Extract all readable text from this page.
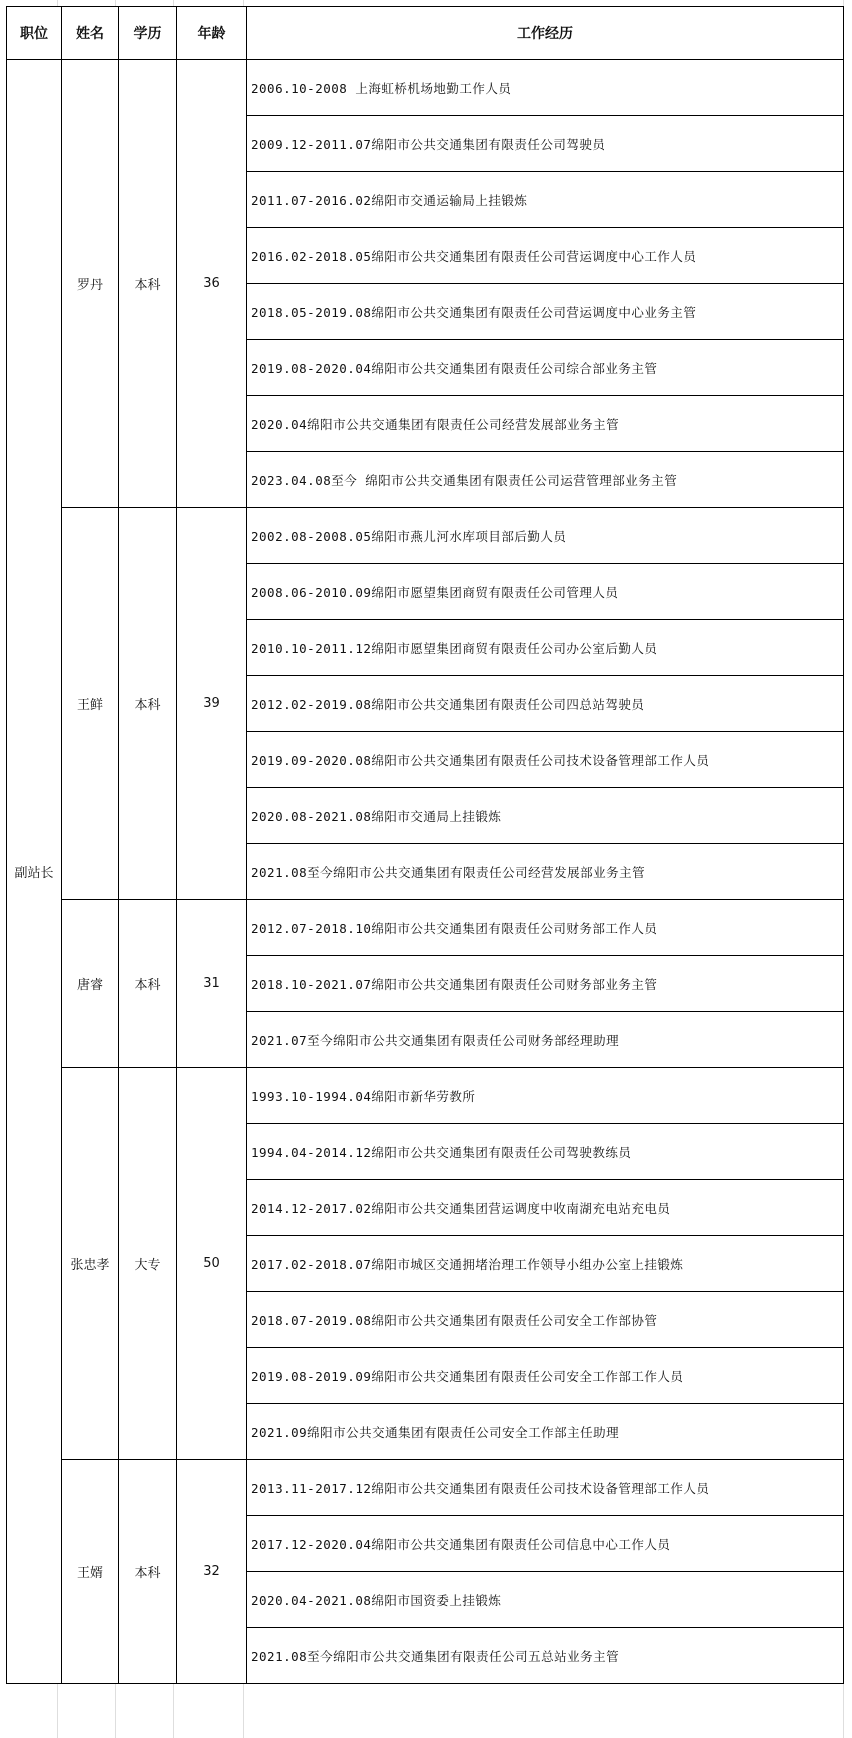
职位	姓名	学历	年龄	工作经历
副站长	罗丹	本科	36	2006.10-2008 上海虹桥机场地勤工作人员
				2009.12-2011.07绵阳市公共交通集团有限责任公司驾驶员
				2011.07-2016.02绵阳市交通运输局上挂锻炼
				2016.02-2018.05绵阳市公共交通集团有限责任公司营运调度中心工作人员
				2018.05-2019.08绵阳市公共交通集团有限责任公司营运调度中心业务主管
				2019.08-2020.04绵阳市公共交通集团有限责任公司综合部业务主管
				2020.04绵阳市公共交通集团有限责任公司经营发展部业务主管
				2023.04.08至今 绵阳市公共交通集团有限责任公司运营管理部业务主管
	王鲜	本科	39	2002.08-2008.05绵阳市燕儿河水库项目部后勤人员
				2008.06-2010.09绵阳市愿望集团商贸有限责任公司管理人员
				2010.10-2011.12绵阳市愿望集团商贸有限责任公司办公室后勤人员
				2012.02-2019.08绵阳市公共交通集团有限责任公司四总站驾驶员
				2019.09-2020.08绵阳市公共交通集团有限责任公司技术设备管理部工作人员
				2020.08-2021.08绵阳市交通局上挂锻炼
				2021.08至今绵阳市公共交通集团有限责任公司经营发展部业务主管
	唐睿	本科	31	2012.07-2018.10绵阳市公共交通集团有限责任公司财务部工作人员
				2018.10-2021.07绵阳市公共交通集团有限责任公司财务部业务主管
				2021.07至今绵阳市公共交通集团有限责任公司财务部经理助理
	张忠孝	大专	50	1993.10-1994.04绵阳市新华劳教所
				1994.04-2014.12绵阳市公共交通集团有限责任公司驾驶教练员
				2014.12-2017.02绵阳市公共交通集团营运调度中收南湖充电站充电员
				2017.02-2018.07绵阳市城区交通拥堵治理工作领导小组办公室上挂锻炼
				2018.07-2019.08绵阳市公共交通集团有限责任公司安全工作部协管
				2019.08-2019.09绵阳市公共交通集团有限责任公司安全工作部工作人员
				2021.09绵阳市公共交通集团有限责任公司安全工作部主任助理
	王婿	本科	32	2013.11-2017.12绵阳市公共交通集团有限责任公司技术设备管理部工作人员
				2017.12-2020.04绵阳市公共交通集团有限责任公司信息中心工作人员
				2020.04-2021.08绵阳市国资委上挂锻炼
				2021.08至今绵阳市公共交通集团有限责任公司五总站业务主管
